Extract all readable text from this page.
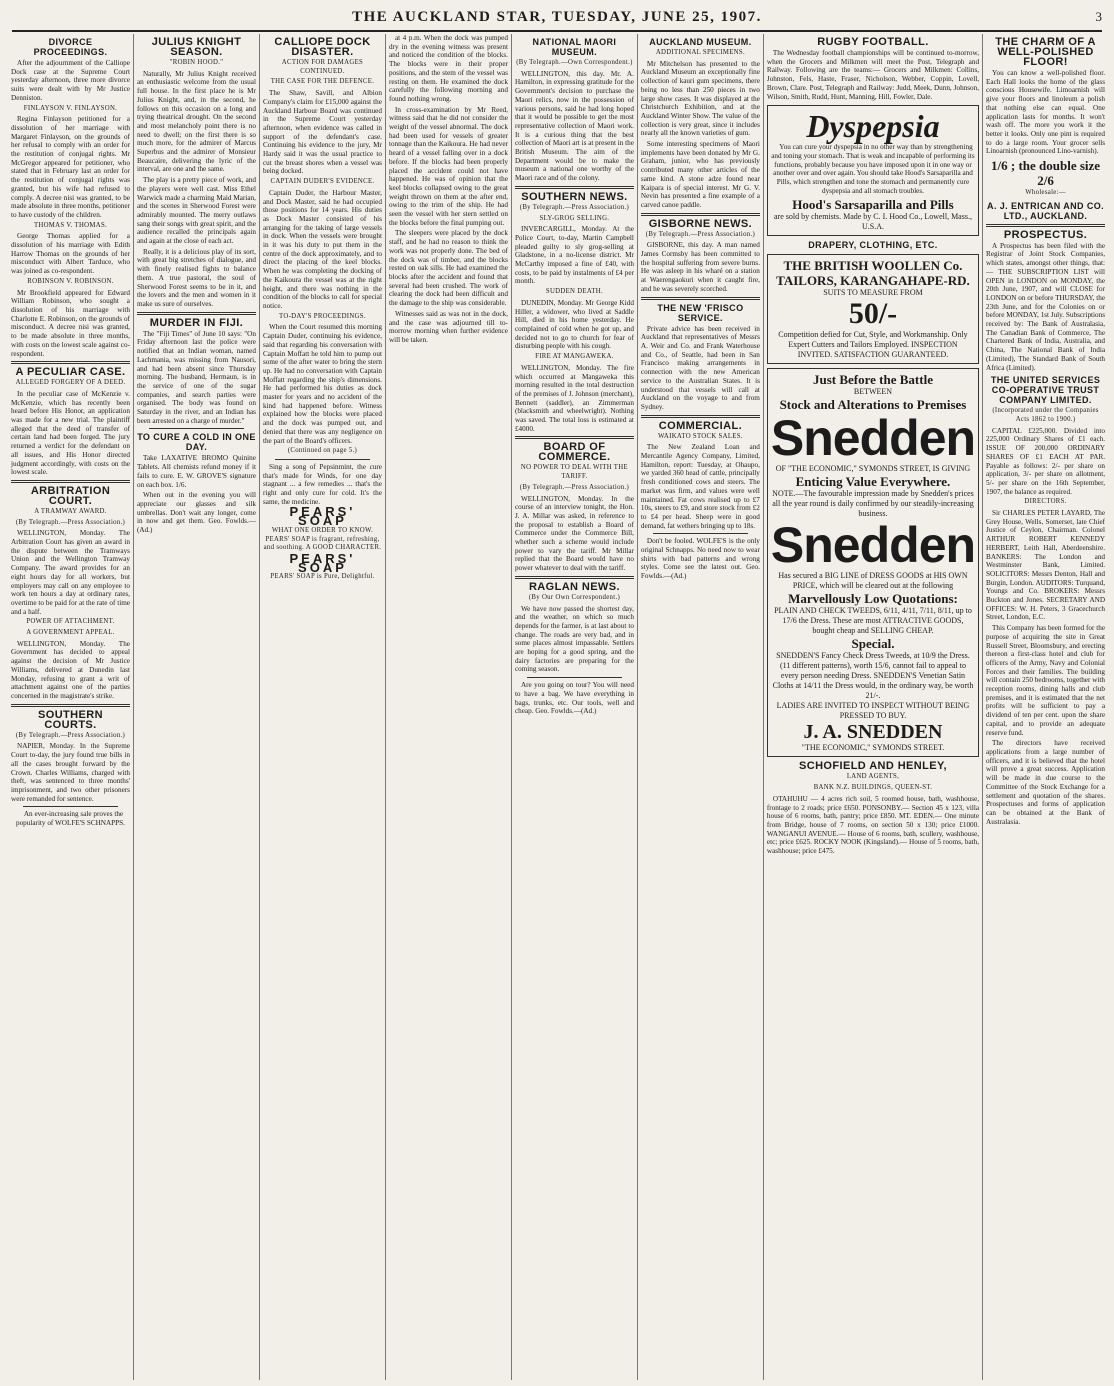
THE AUCKLAND STAR, TUESDAY, JUNE 25, 1907.	3
DIVORCE PROCEEDINGS.

After the adjournment of the Calliope Dock case at the Supreme Court yesterday afternoon, three more divorce suits were dealt with by Mr Justice Denniston.

FINLAYSON V. FINLAYSON.

Regina Finlayson petitioned for a dissolution of her marriage with Margaret Finlayson, on the grounds of her refusal to comply with an order for the restitution of conjugal rights. Mr McGregor appeared for petitioner, who stated that in February last an order for the restitution of conjugal rights was granted, but his wife had refused to comply. A decree nisi was granted, to be made absolute in three months, petitioner to have custody of the children.

THOMAS V. THOMAS.

George Thomas applied for a dissolution of his marriage with Edith Harrow Thomas on the grounds of her misconduct with Albert Tarduce, who was joined as co-respondent.

ROBINSON V. ROBINSON.

Mr Brookfield appeared for Edward William Robinson, who sought a dissolution of his marriage with Charlotte E. Robinson, on the grounds of misconduct. A decree nisi was granted, to be made absolute in three months, with costs on the lowest scale against co-respondent.

A PECULIAR CASE.
ALLEGED FORGERY OF A DEED.

In the peculiar case of McKenzie v. McKenzie, which has recently been heard before His Honor, an application was made for a new trial. The plaintiff alleged that the deed of transfer of certain land had been forged. The jury returned a verdict for the defendant on all issues, and His Honor directed judgment accordingly, with costs on the lowest scale.

ARBITRATION COURT.
A TRAMWAY AWARD.
(By Telegraph.—Press Association.)

WELLINGTON, Monday. The Arbitration Court has given an award in the dispute between the Tramways Union and the Wellington Tramway Company. The award provides for an eight hours day for all workers, but employers may call on any employee to work ten hours a day at ordinary rates, overtime to be paid for at the rate of time and a half.

POWER OF ATTACHMENT.
A GOVERNMENT APPEAL.

WELLINGTON, Monday. The Government has decided to appeal against the decision of Mr Justice Williams, delivered at Dunedin last Monday, refusing to grant a writ of attachment against one of the parties concerned in the magistrate's strike.

SOUTHERN COURTS.
(By Telegraph.—Press Association.)

NAPIER, Monday. In the Supreme Court to-day, the jury found true bills in all the cases brought forward by the Crown. Charles Williams, charged with theft, was sentenced to three months' imprisonment, and two other prisoners were remanded for sentence.

An ever-increasing sale proves the popularity of WOLFE'S SCHNAPPS.

JULIUS KNIGHT SEASON.
"ROBIN HOOD."

Naturally, Mr Julius Knight received an enthusiastic welcome from the usual full house. In the first place he is Mr Julius Knight, and, in the second, he follows on this occasion on a long and trying theatrical drought. On the second and most melancholy point there is no need to dwell; on the first there is so much more, for the admirer of Marcus Superbus and the admirer of Monsieur Beaucaire, delivering the lyric of the interval, are one and the same.

The play is a pretty piece of work, and the players were well cast. Miss Ethel Warwick made a charming Maid Marian, and the scenes in Sherwood Forest were admirably mounted. The merry outlaws sang their songs with great spirit, and the audience recalled the principals again and again at the close of each act.

Really, it is a delicious play of its sort, with great big stretches of dialogue, and with finely realised fights to balance them. A true pastoral, the soul of Sherwood Forest seems to be in it, and the lovers and the men and women in it make us sure of ourselves.

MURDER IN FIJI.

The "Fiji Times" of June 10 says: "On Friday afternoon last the police were notified that an Indian woman, named Lachmania, was missing from Nausori, and had been absent since Thursday morning. The husband, Hermaun, is in the service of one of the sugar companies, and search parties were organised. The body was found on Saturday in the river, and an Indian has been arrested on a charge of murder."

TO CURE A COLD IN ONE DAY.

Take LAXATIVE BROMO Quinine Tablets. All chemists refund money if it fails to cure. E. W. GROVE'S signature on each box. 1/6.

When out in the evening you will appreciate our glasses and silk umbrellas. Don't wait any longer, come in now and get them. Geo. Fowlds.—(Ad.)

CALLIOPE DOCK DISASTER.
ACTION FOR DAMAGES CONTINUED.
THE CASE FOR THE DEFENCE.

The Shaw, Savill, and Albion Company's claim for £15,000 against the Auckland Harbour Board was continued in the Supreme Court yesterday afternoon, when evidence was called in support of the defendant's case. Continuing his evidence to the jury, Mr Hardy said it was the usual practice to cut the breast shores when a vessel was being docked.

CAPTAIN DUDER'S EVIDENCE.

Captain Duder, the Harbour Master, and Dock Master, said he had occupied those positions for 14 years. His duties as Dock Master consisted of his arranging for the taking of large vessels in dock. When the vessels were brought in it was his duty to put them in the centre of the dock approximately, and to direct the placing of the keel blocks. When he was completing the docking of the Kaikoura the vessel was at the right height, and there was nothing in the condition of the blocks to call for special notice.

TO-DAY'S PROCEEDINGS.

When the Court resumed this morning Captain Duder, continuing his evidence, said that regarding his conversation with Captain Moffatt he told him to pump out some of the after water to bring the stern up. He had no conversation with Captain Moffatt regarding the ship's dimensions. He had performed his duties as dock master for years and no accident of the kind had happened before. Witness explained how the blocks were placed and the dock was pumped out, and denied that there was any negligence on the part of the Board's officers.

(Continued on page 5.)

Sing a song of Pepsinmint, the cure that's made for Winds, for one day stagnant ... a few remedies ... that's the right and only cure for cold. It's the same, the medicine.

PEARS' SOAP
WHAT ONE ORDER TO KNOW. PEARS' SOAP is fragrant, refreshing, and soothing. A GOOD CHARACTER.
PEARS' SOAP
PEARS' SOAP is Pure, Delightful.

at 4 p.m. When the dock was pumped dry in the evening witness was present and noticed the condition of the blocks. The blocks were in their proper positions, and the stem of the vessel was resting on them. He examined the dock carefully the following morning and found nothing wrong.

In cross-examination by Mr Reed, witness said that he did not consider the weight of the vessel abnormal. The dock had been used for vessels of greater tonnage than the Kaikoura. He had never heard of a vessel falling over in a dock before. If the blocks had been properly placed the accident could not have happened. He was of opinion that the keel blocks collapsed owing to the great weight thrown on them at the after end, owing to the trim of the ship. He had seen the vessel with her stern settled on the blocks before the final pumping out.

The sleepers were placed by the dock staff, and he had no reason to think the work was not properly done. The bed of the dock was of timber, and the blocks rested on oak sills. He had examined the blocks after the accident and found that several had been crushed. The work of clearing the dock had been difficult and the damage to the ship was considerable.

Witnesses said as was not in the dock, and the case was adjourned till to-morrow morning when further evidence will be taken.

NATIONAL MAORI MUSEUM.
(By Telegraph.—Own Correspondent.)

WELLINGTON, this day. Mr. A. Hamilton, in expressing gratitude for the Government's decision to purchase the Maori relics, now in the possession of various persons, said he had long hoped that it would be possible to get the most representative collection of Maori work. It is a curious thing that the best collection of Maori art is at present in the British Museum. The aim of the Department would be to make the museum a national one worthy of the Maori race and of the colony.

SOUTHERN NEWS.
(By Telegraph.—Press Association.)
SLY-GROG SELLING.

INVERCARGILL, Monday. At the Police Court, to-day, Martin Campbell pleaded guilty to sly grog-selling at Gladstone, in a no-license district. Mr McCarthy imposed a fine of £40, with costs, to be paid by instalments of £4 per month.

SUDDEN DEATH.

DUNEDIN, Monday. Mr George Kidd Hiller, a widower, who lived at Saddle Hill, died in his home yesterday. He complained of cold when he got up, and decided not to go to church for fear of disturbing people with his cough.

FIRE AT MANGAWEKA.

WELLINGTON, Monday. The fire which occurred at Mangaweka this morning resulted in the total destruction of the premises of J. Johnson (merchant), Bennett (saddler), an Zimmerman (blacksmith and wheelwright). Nothing was saved. The total loss is estimated at £4000.

BOARD OF COMMERCE.
NO POWER TO DEAL WITH THE TARIFF.
(By Telegraph.—Press Association.)

WELLINGTON, Monday. In the course of an interview tonight, the Hon. J. A. Millar was asked, in reference to the proposal to establish a Board of Commerce under the Commerce Bill, whether such a scheme would include power to vary the tariff. Mr Millar replied that the Board would have no power whatever to deal with the tariff.

RAGLAN NEWS.
(By Our Own Correspondent.)

We have now passed the shortest day, and the weather, on which so much depends for the farmer, is at last about to change. The roads are very bad, and in some places almost impassable. Settlers are hoping for a good spring, and the dairy factories are preparing for the coming season.

Are you going on tour? You will need to have a bag. We have everything in bags, trunks, etc. Our tools, well and cheap. Geo. Fowlds.—(Ad.)

AUCKLAND MUSEUM.
ADDITIONAL SPECIMENS.

Mr Mitchelson has presented to the Auckland Museum an exceptionally fine collection of kauri gum specimens, there being no less than 250 pieces in two large show cases. It was displayed at the Christchurch Exhibition, and at the Auckland Winter Show. The value of the collection is very great, since it includes nearly all the known varieties of gum.

Some interesting specimens of Maori implements have been donated by Mr G. Graham, junior, who has previously contributed many other articles of the same kind. A stone adze found near Kaipara is of special interest. Mr G. V. Nevin has presented a fine example of a carved canoe paddle.

GISBORNE NEWS.
(By Telegraph.—Press Association.)

GISBORNE, this day. A man named James Cormsby has been committed to the hospital suffering from severe burns. He was asleep in his wharé on a station at Waerengaokuri when it caught fire, and he was severely scorched.

THE NEW 'FRISCO SERVICE.

Private advice has been received in Auckland that representatives of Messrs A. Weir and Co. and Frank Waterhouse and Co., of Seattle, had been in San Francisco making arrangements in connection with the new American service to the Australian States. It is understood that vessels will call at Auckland on the voyage to and from Sydney.

COMMERCIAL.
WAIKATO STOCK SALES.

The New Zealand Loan and Mercantile Agency Company, Limited, Hamilton, report: Tuesday, at Ohaupo, we yarded 360 head of cattle, principally fresh conditioned cows and steers. The market was firm, and values were well maintained. Fat cows realised up to £7 10s, steers to £9, and store stock from £2 to £4 per head. Sheep were in good demand, fat wethers bringing up to 18s.

Don't be fooled. WOLFE'S is the only original Schnapps. No need now to wear shirts with bad patterns and wrong styles. Come see the latest out. Geo. Fowlds.—(Ad.)

RUGBY FOOTBALL.

The Wednesday football championships will be continued to-morrow, when the Grocers and Milkmen will meet the Post, Telegraph and Railway. Following are the teams:— Grocers and Milkmen: Collins, Johnston, Fels, Haste, Fraser, Nicholson, Webber, Coppin, Lovell, Brown, Clare. Post, Telegraph and Railway: Judd, Meek, Dunn, Johnson, Wilson, Smith, Rudd, Hunt, Manning, Hill, Fowler, Dale.

Dyspepsia

You can cure your dyspepsia in no other way than by strengthening and toning your stomach. That is weak and incapable of performing its functions, probably because you have imposed upon it in one way or another over and over again. You should take Hood's Sarsaparilla and Pills, which strengthen and tone the stomach and permanently cure dyspepsia and all stomach troubles.

Hood's Sarsaparilla and Pills
are sold by chemists. Made by C. I. Hood Co., Lowell, Mass., U.S.A.
DRAPERY, CLOTHING, ETC.
THE BRITISH WOOLLEN Co. TAILORS, KARANGAHAPE-RD.
SUITS TO MEASURE FROM
50/-
Competition defied for Cut, Style, and Workmanship. Only Expert Cutters and Tailors Employed. INSPECTION INVITED. SATISFACTION GUARANTEED.
Just Before the Battle
BETWEEN
Stock and Alterations to Premises
Snedden
OF "THE ECONOMIC," SYMONDS STREET, IS GIVING
Enticing Value Everywhere.
NOTE.—The favourable impression made by Snedden's prices all the year round is daily confirmed by our steadily-increasing business.
Snedden
Has secured a BIG LINE of DRESS GOODS at HIS OWN PRICE, which will be cleared out at the following
Marvellously Low Quotations:
PLAIN AND CHECK TWEEDS, 6/11, 4/11, 7/11, 8/11, up to 17/6 the Dress. These are most ATTRACTIVE GOODS, bought cheap and SELLING CHEAP.
Special.
SNEDDEN'S Fancy Check Dress Tweeds, at 10/9 the Dress. (11 different patterns), worth 15/6, cannot fail to appeal to every person needing Dress. SNEDDEN'S Venetian Satin Cloths at 14/11 the Dress would, in the ordinary way, be worth 21/-.
LADIES ARE INVITED TO INSPECT WITHOUT BEING PRESSED TO BUY.
J. A. SNEDDEN
"THE ECONOMIC," SYMONDS STREET.
SCHOFIELD AND HENLEY,
LAND AGENTS,
BANK N.Z. BUILDINGS, QUEEN-ST.

OTAHUHU — 4 acres rich soil, 5 roomed house, bath, washhouse, frontage to 2 roads; price £650. PONSONBY.— Section 45 x 123, villa house of 6 rooms, bath, pantry; price £850. MT. EDEN.— One minute from Bridge, house of 7 rooms, on section 50 x 130; price £1000. WANGANUI AVENUE.— House of 6 rooms, bath, scullery, washhouse, etc; price £625. ROCKY NOOK (Kingsland).— House of 5 rooms, bath, washhouse; price £475.

THE CHARM OF A WELL-POLISHED FLOOR!

You can know a well-polished floor. Each Hall looks the home of the glass conscious Housewife. Limoarnish will give your floors and linoleum a polish that nothing else can equal. One application lasts for months. It won't wash off. The more you work it the better it looks. Only one pint is required to do a large room. Your grocer sells Linoarnish (pronounced Lino-varnish).

1/6 ; the double size 2/6
Wholesale:—
A. J. ENTRICAN AND CO. LTD., AUCKLAND.
PROSPECTUS.

A Prospectus has been filed with the Registrar of Joint Stock Companies, which states, amongst other things, that:— THE SUBSCRIPTION LIST will OPEN in LONDON on MONDAY, the 20th June, 1907, and will CLOSE for LONDON on or before THURSDAY, the 23th June, and for the Colonies on or before MONDAY, 1st July. Subscriptions received by: The Bank of Australasia, The Canadian Bank of Commerce, The Chartered Bank of India, Australia, and China, The National Bank of India (Limited), The Standard Bank of South Africa (Limited).

THE UNITED SERVICES CO-OPERATIVE TRUST COMPANY LIMITED.
(Incorporated under the Companies Acts 1862 to 1900.)

CAPITAL £225,000. Divided into 225,000 Ordinary Shares of £1 each. ISSUE OF 200,000 ORDINARY SHARES OF £1 EACH AT PAR. Payable as follows: 2/- per share on application, 3/- per share on allotment, 5/- per share on the 16th September, 1907, the balance as required.

DIRECTORS.

Sir CHARLES PETER LAYARD, The Grey House, Wells, Somerset, late Chief Justice of Ceylon, Chairman. Colonel ARTHUR ROBERT KENNEDY HERBERT, Leith Hall, Aberdeenshire. BANKERS: The London and Westminster Bank, Limited. SOLICITORS: Messrs Denton, Hall and Burgin, London. AUDITORS: Turquand, Youngs and Co. BROKERS: Messrs Buckton and Jones. SECRETARY AND OFFICES: W. H. Peters, 3 Gracechurch Street, London, E.C.

This Company has been formed for the purpose of acquiring the site in Great Russell Street, Bloomsbury, and erecting thereon a first-class hotel and club for officers of the Army, Navy and Colonial Forces and their families. The building will contain 250 bedrooms, together with reception rooms, dining halls and club premises, and it is estimated that the net profits will be sufficient to pay a dividend of ten per cent. upon the share capital, and to provide an adequate reserve fund.

The directors have received applications from a large number of officers, and it is believed that the hotel will prove a great success. Application will be made in due course to the Committee of the Stock Exchange for a settlement and quotation of the shares. Prospectuses and forms of application can be obtained at the Bank of Australasia.
